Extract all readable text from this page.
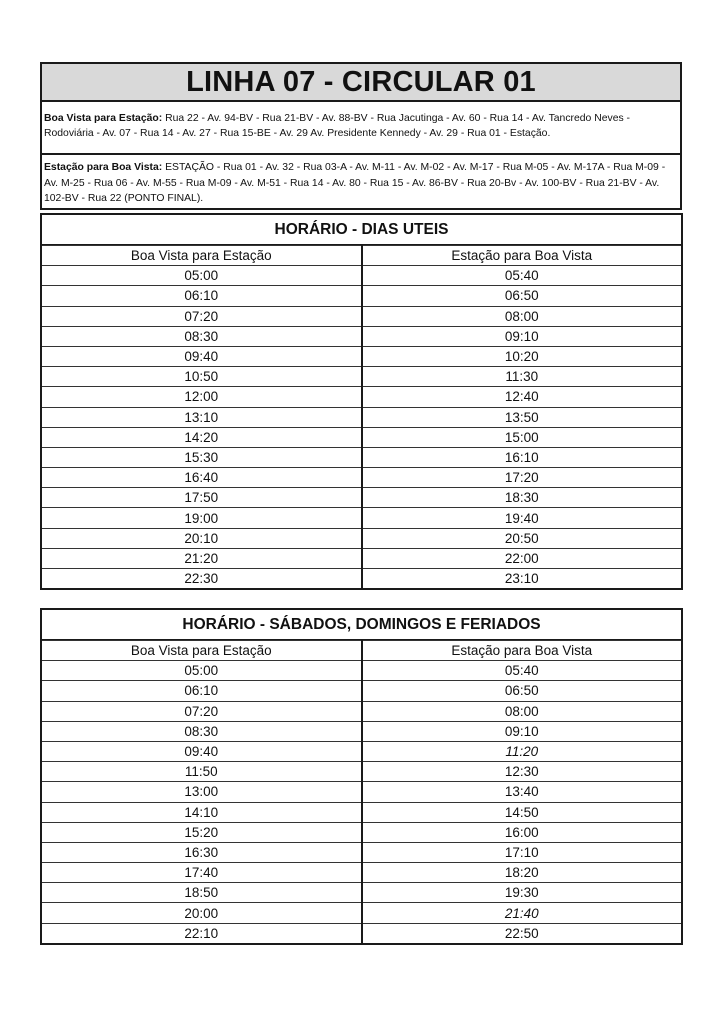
LINHA 07 - CIRCULAR 01
Boa Vista para Estação: Rua 22 - Av. 94-BV - Rua 21-BV - Av. 88-BV - Rua Jacutinga - Av. 60 - Rua 14 - Av. Tancredo Neves - Rodoviária - Av. 07 - Rua 14 - Av. 27 - Rua 15-BE - Av. 29 Av. Presidente Kennedy - Av. 29 - Rua 01 - Estação.
Estação para Boa Vista: ESTAÇÃO - Rua 01 - Av. 32 - Rua 03-A - Av. M-11 - Av. M-02 - Av. M-17 - Rua M-05 - Av. M-17A - Rua M-09 - Av. M-25 - Rua 06 - Av. M-55 - Rua M-09 - Av. M-51 - Rua 14 - Av. 80 - Rua 15 - Av. 86-BV - Rua 20-Bv - Av. 100-BV - Rua 21-BV - Av. 102-BV - Rua 22 (PONTO FINAL).
HORÁRIO - DIAS UTEIS
Boa Vista para Estação	Estação para Boa Vista
05:00	05:40
06:10	06:50
07:20	08:00
08:30	09:10
09:40	10:20
10:50	11:30
12:00	12:40
13:10	13:50
14:20	15:00
15:30	16:10
16:40	17:20
17:50	18:30
19:00	19:40
20:10	20:50
21:20	22:00
22:30	23:10
HORÁRIO - SÁBADOS, DOMINGOS E FERIADOS
Boa Vista para Estação	Estação para Boa Vista
05:00	05:40
06:10	06:50
07:20	08:00
08:30	09:10
09:40	11:20
11:50	12:30
13:00	13:40
14:10	14:50
15:20	16:00
16:30	17:10
17:40	18:20
18:50	19:30
20:00	21:40
22:10	22:50
